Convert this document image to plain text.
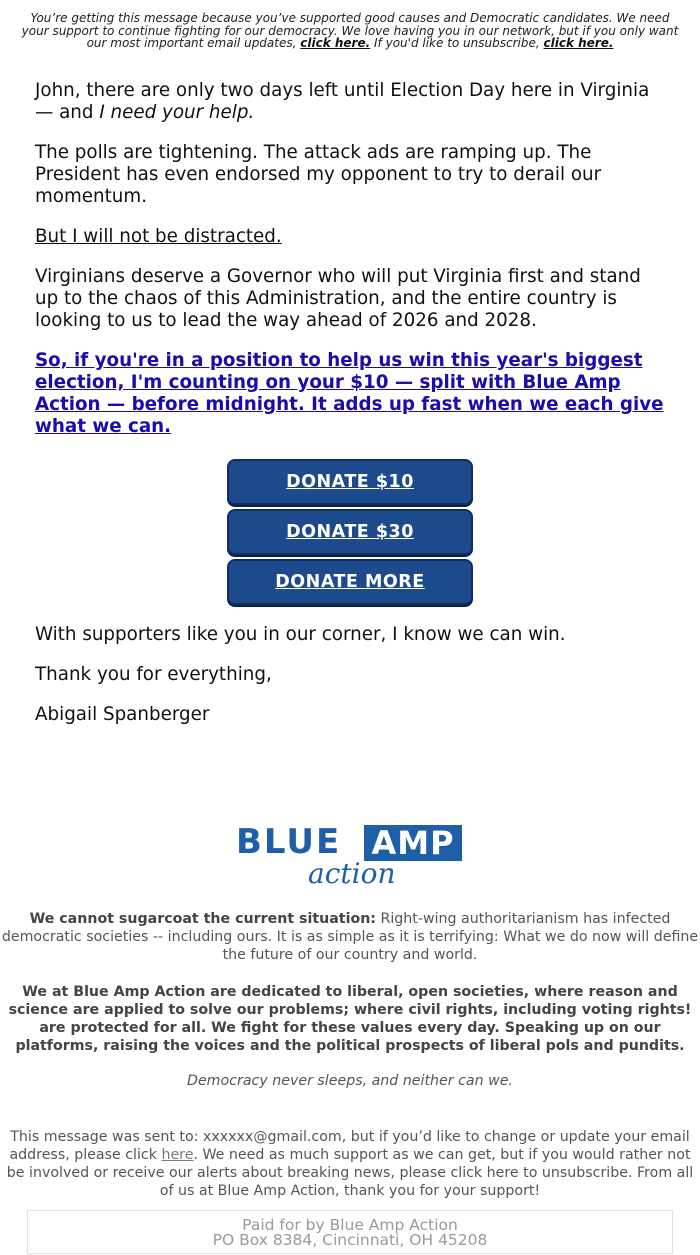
You’re getting this message because you’ve supported good causes and Democratic candidates. We need your support to continue fighting for our democracy. We love having you in our network, but if you only want our most important email updates, click here. If you'd like to unsubscribe, click here.

John, there are only two days left until Election Day here in Virginia — and I need your help.

The polls are tightening. The attack ads are ramping up. The President has even endorsed my opponent to try to derail our momentum.

But I will not be distracted.

Virginians deserve a Governor who will put Virginia first and stand up to the chaos of this Administration, and the entire country is looking to us to lead the way ahead of 2026 and 2028.

So, if you're in a position to help us win this year's biggest election, I'm counting on your $10 — split with Blue Amp Action — before midnight. It adds up fast when we each give what we can.

DONATE $10
DONATE $30
DONATE MORE

With supporters like you in our corner, I know we can win.

Thank you for everything,

Abigail Spanberger

BLUE AMP
action
We cannot sugarcoat the current situation: Right-wing authoritarianism has infected democratic societies -- including ours. It is as simple as it is terrifying: What we do now will define the future of our country and world.
We at Blue Amp Action are dedicated to liberal, open societies, where reason and science are applied to solve our problems; where civil rights, including voting rights! are protected for all. We fight for these values every day. Speaking up on our platforms, raising the voices and the political prospects of liberal pols and pundits.
Democracy never sleeps, and neither can we.
This message was sent to: xxxxxx@gmail.com, but if you’d like to change or update your email address, please click here. We need as much support as we can get, but if you would rather not be involved or receive our alerts about breaking news, please click here to unsubscribe. From all of us at Blue Amp Action, thank you for your support!
Paid for by Blue Amp Action
PO Box 8384, Cincinnati, OH 45208
